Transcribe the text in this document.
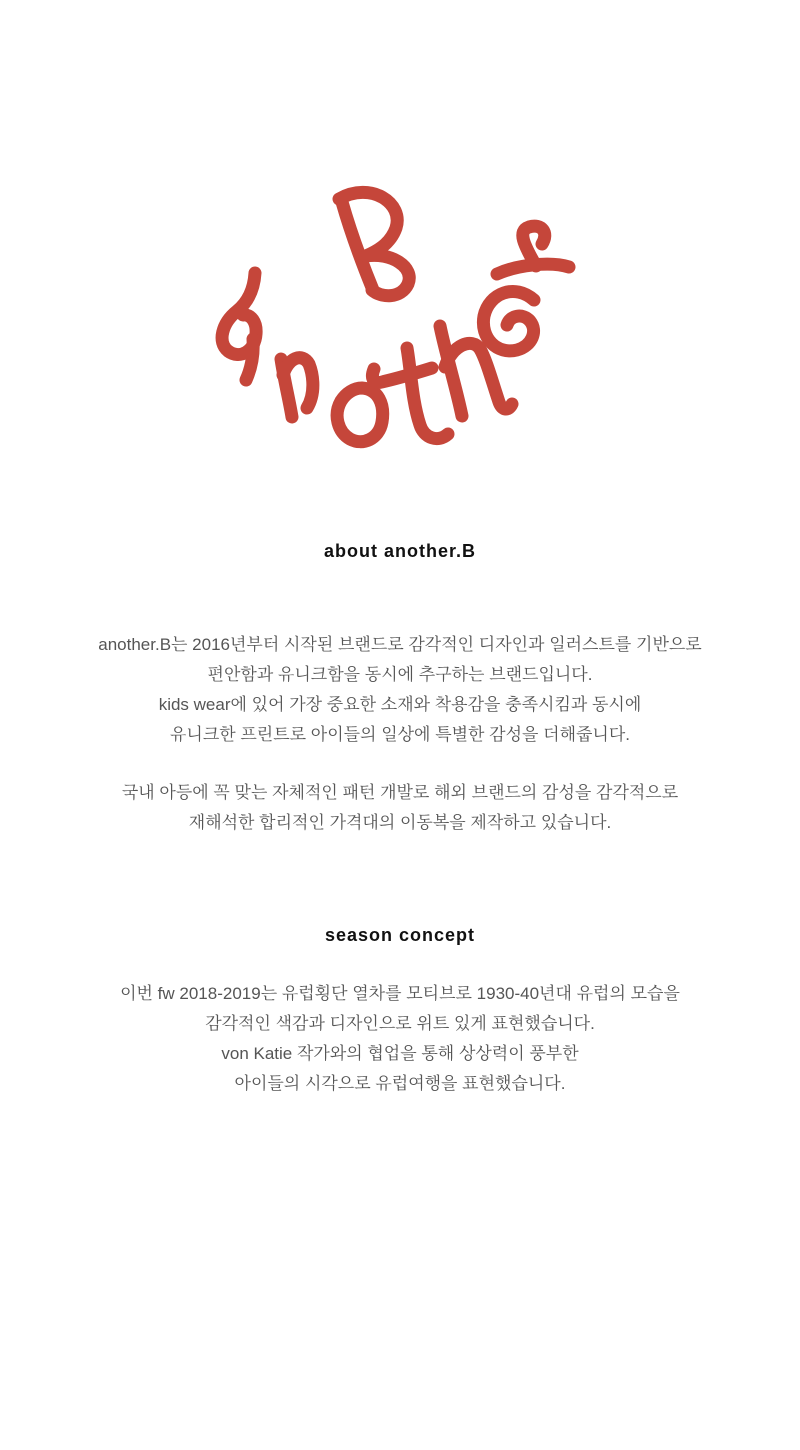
about another.B
another.B는 2016년부터 시작된 브랜드로 감각적인 디자인과 일러스트를 기반으로
편안함과 유니크함을 동시에 추구하는 브랜드입니다.
kids wear에 있어 가장 중요한 소재와 착용감을 충족시킴과 동시에
유니크한 프린트로 아이들의 일상에 특별한 감성을 더해줍니다.
국내 아등에 꼭 맞는 자체적인 패턴 개발로 해외 브랜드의 감성을 감각적으로
재해석한 합리적인 가격대의 이동복을 제작하고 있습니다.
season concept
이번 fw 2018-2019는 유럽횡단 열차를 모티브로 1930-40년대 유럽의 모습을
감각적인 색감과 디자인으로 위트 있게 표현했습니다.
von Katie 작가와의 협업을 통해 상상력이 풍부한
아이들의 시각으로 유럽여행을 표현했습니다.
